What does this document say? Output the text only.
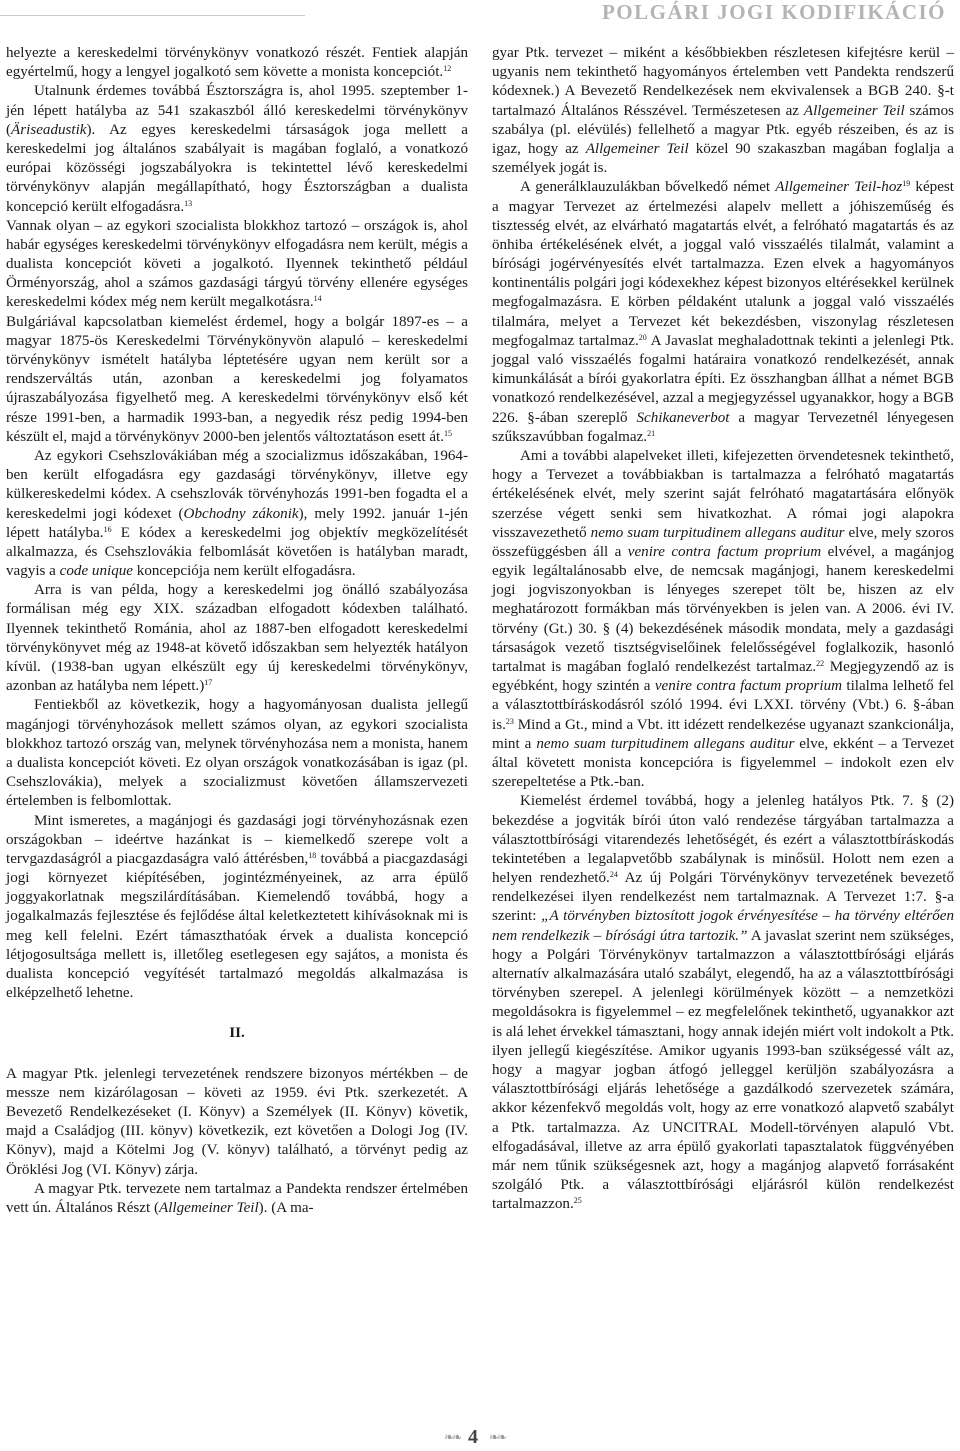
POLGÁRI JOGI KODIFIKÁCIÓ

helyezte a kereskedelmi törvénykönyv vonatkozó részét. Fentiek alapján egyértelmű, hogy a lengyel jogalkotó sem követte a monista koncepciót.$^{12}$

Utalnunk érdemes továbbá Észtországra is, ahol 1995. szeptember 1-jén lépett hatályba az 541 szakaszból álló kereskedelmi törvénykönyv (Äriseadustik). Az egyes kereskedelmi társaságok joga mellett a kereskedelmi jog általános szabályait is magában foglaló, a vonatkozó európai közösségi jogszabályokra is tekintettel lévő kereskedelmi törvénykönyv alapján megállapítható, hogy Észtországban a dualista koncepció került elfogadásra.$^{13}$

Vannak olyan – az egykori szocialista blokkhoz tartozó – országok is, ahol habár egységes kereskedelmi törvénykönyv elfogadásra nem került, mégis a dualista koncepciót követi a jogalkotó. Ilyennek tekinthető például Örményország, ahol a számos gazdasági tárgyú törvény ellenére egységes kereskedelmi kódex még nem került megalkotásra.$^{14}$

Bulgáriával kapcsolatban kiemelést érdemel, hogy a bolgár 1897-es – a magyar 1875-ös Kereskedelmi Törvénykönyvön alapuló – kereskedelmi törvénykönyv ismételt hatályba léptetésére ugyan nem került sor a rendszerváltás után, azonban a kereskedelmi jog folyamatos újraszabályozása figyelhető meg. A kereskedelmi törvénykönyv első két része 1991-ben, a harmadik 1993-ban, a negyedik rész pedig 1994-ben készült el, majd a törvénykönyv 2000-ben jelentős változtatáson esett át.$^{15}$

Az egykori Csehszlovákiában még a szocializmus időszakában, 1964-ben került elfogadásra egy gazdasági törvénykönyv, illetve egy külkereskedelmi kódex. A csehszlovák törvényhozás 1991-ben fogadta el a kereskedelmi jogi kódexet (Obchodny zákonik), mely 1992. január 1-jén lépett hatályba.$^{16}$ E kódex a kereskedelmi jog objektív megközelítését alkalmazza, és Csehszlovákia felbomlását követően is hatályban maradt, vagyis a code unique koncepciója nem került elfogadásra.

Arra is van példa, hogy a kereskedelmi jog önálló szabályozása formálisan még egy XIX. században elfogadott kódexben található. Ilyennek tekinthető Románia, ahol az 1887-ben elfogadott kereskedelmi törvénykönyvet még az 1948-at követő időszakban sem helyezték hatályon kívül. (1938-ban ugyan elkészült egy új kereskedelmi törvénykönyv, azonban az hatályba nem lépett.)$^{17}$

Fentiekből az következik, hogy a hagyományosan dualista jellegű magánjogi törvényhozások mellett számos olyan, az egykori szocialista blokkhoz tartozó ország van, melynek törvényhozása nem a monista, hanem a dualista koncepciót követi. Ez olyan országok vonatkozásában is igaz (pl. Csehszlovákia), melyek a szocializmust követően államszervezeti értelemben is felbomlottak.

Mint ismeretes, a magánjogi és gazdasági jogi törvényhozásnak ezen országokban – ideértve hazánkat is – kiemelkedő szerepe volt a tervgazdaságról a piacgazdaságra való áttérésben,$^{18}$ továbbá a piacgazdasági jogi környezet kiépítésében, jogintézményeinek, az arra épülő joggyakorlatnak megszilárdításában. Kiemelendő továbbá, hogy a jogalkalmazás fejlesztése és fejlődése által keletkeztetett kihívásoknak mi is meg kell felelni. Ezért támaszthatóak érvek a dualista koncepció létjogosultsága mellett is, illetőleg esetlegesen egy sajátos, a monista és dualista koncepció vegyítését tartalmazó megoldás alkalmazása is elképzelhető lehetne.

II.

A magyar Ptk. jelenlegi tervezetének rendszere bizonyos mértékben – de messze nem kizárólagosan – követi az 1959. évi Ptk. szerkezetét. A Bevezető Rendelkezéseket (I. Könyv) a Személyek (II. Könyv) követik, majd a Családjog (III. könyv) következik, ezt követően a Dologi Jog (IV. Könyv), majd a Kötelmi Jog (V. könyv) található, a törvényt pedig az Öröklési Jog (VI. Könyv) zárja.

A magyar Ptk. tervezete nem tartalmaz a Pandekta rendszer értelmében vett ún. Általános Részt (Allgemeiner Teil). (A ma-

gyar Ptk. tervezet – miként a későbbiekben részletesen kifejtésre kerül – ugyanis nem tekinthető hagyományos értelemben vett Pandekta rendszerű kódexnek.) A Bevezető Rendelkezések nem ekvivalensek a BGB 240. §-t tartalmazó Általános Résszével. Természetesen az Allgemeiner Teil számos szabálya (pl. elévülés) fellelhető a magyar Ptk. egyéb részeiben, és az is igaz, hogy az Allgemeiner Teil közel 90 szakaszban magában foglalja a személyek jogát is.

A generálklauzulákban bővelkedő német Allgemeiner Teil-hoz$^{19}$ képest a magyar Tervezet az értelmezési alapelv mellett a jóhiszeműség és tisztesség elvét, az elvárható magatartás elvét, a felróható magatartás és az önhiba értékelésének elvét, a joggal való visszaélés tilalmát, valamint a bírósági jogérvényesítés elvét tartalmazza. Ezen elvek a hagyományos kontinentális polgári jogi kódexekhez képest bizonyos eltérésekkel kerülnek megfogalmazásra. E körben példaként utalunk a joggal való visszaélés tilalmára, melyet a Tervezet két bekezdésben, viszonylag részletesen megfogalmaz tartalmaz.$^{20}$ A Javaslat meghaladottnak tekinti a jelenlegi Ptk. joggal való visszaélés fogalmi határaira vonatkozó rendelkezését, annak kimunkálását a bírói gyakorlatra építi. Ez összhangban állhat a német BGB vonatkozó rendelkezésével, azzal a megjegyzéssel ugyanakkor, hogy a BGB 226. §-ában szereplő Schikaneverbot a magyar Tervezetnél lényegesen szűkszavúbban fogalmaz.$^{21}$

Ami a további alapelveket illeti, kifejezetten örvendetesnek tekinthető, hogy a Tervezet a továbbiakban is tartalmazza a felróható magatartás értékelésének elvét, mely szerint saját felróható magatartására előnyök szerzése végett senki sem hivatkozhat. A római jogi alapokra visszavezethető nemo suam turpitudinem allegans auditur elve, mely szoros összefüggésben áll a venire contra factum proprium elvével, a magánjog egyik legáltalánosabb elve, de nemcsak magánjogi, hanem kereskedelmi jogi jogviszonyokban is lényeges szerepet tölt be, hiszen az elv meghatározott formákban más törvényekben is jelen van. A 2006. évi IV. törvény (Gt.) 30. § (4) bekezdésének második mondata, mely a gazdasági társaságok vezető tisztségviselőinek felelősségével foglalkozik, hasonló tartalmat is magában foglaló rendelkezést tartalmaz.$^{22}$ Megjegyzendő az is egyébként, hogy szintén a venire contra factum proprium tilalma lelhető fel a választottbíráskodásról szóló 1994. évi LXXI. törvény (Vbt.) 6. §-ában is.$^{23}$ Mind a Gt., mind a Vbt. itt idézett rendelkezése ugyanazt szankcionálja, mint a nemo suam turpitudinem allegans auditur elve, ekként – a Tervezet által követett monista koncepcióra is figyelemmel – indokolt ezen elv szerepeltetése a Ptk.-ban.

Kiemelést érdemel továbbá, hogy a jelenleg hatályos Ptk. 7. § (2) bekezdése a jogviták bírói úton való rendezése tárgyában tartalmazza a választottbírósági vitarendezés lehetőségét, és ezért a választottbíráskodás tekintetében a legalapvetőbb szabálynak is minősül. Holott nem ezen a helyen rendezhető.$^{24}$ Az új Polgári Törvénykönyv tervezetének bevezető rendelkezései ilyen rendelkezést nem tartalmaznak. A Tervezet 1:7. §-a szerint: „A törvényben biztosított jogok érvényesítése – ha törvény eltérően nem rendelkezik – bírósági útra tartozik.” A javaslat szerint nem szükséges, hogy a Polgári Törvénykönyv tartalmazzon a választottbírósági eljárás alternatív alkalmazására utaló szabályt, elegendő, ha az a választottbírósági törvényben szerepel. A jelenlegi körülmények között – a nemzetközi megoldásokra is figyelemmel – ez megfelelőnek tekinthető, ugyanakkor azt is alá lehet érvekkel támasztani, hogy annak idején miért volt indokolt a Ptk. ilyen jellegű kiegészítése. Amikor ugyanis 1993-ban szükségessé vált az, hogy a magyar jogban átfogó jelleggel kerüljön szabályozásra a választottbírósági eljárás lehetősége a gazdálkodó szervezetek számára, akkor kézenfekvő megoldás volt, hogy az erre vonatkozó alapvető szabályt a Ptk. tartalmazza. Az UNCITRAL Modell-törvényen alapuló Vbt. elfogadásával, illetve az arra épülő gyakorlati tapasztalatok függvényében már nem tűnik szükségesnek azt, hogy a magánjog alapvető forrásaként szolgáló Ptk. a választottbírósági eljárásról külön rendelkezést tartalmazzon.$^{25}$

❧❧ 4 ❧❧
